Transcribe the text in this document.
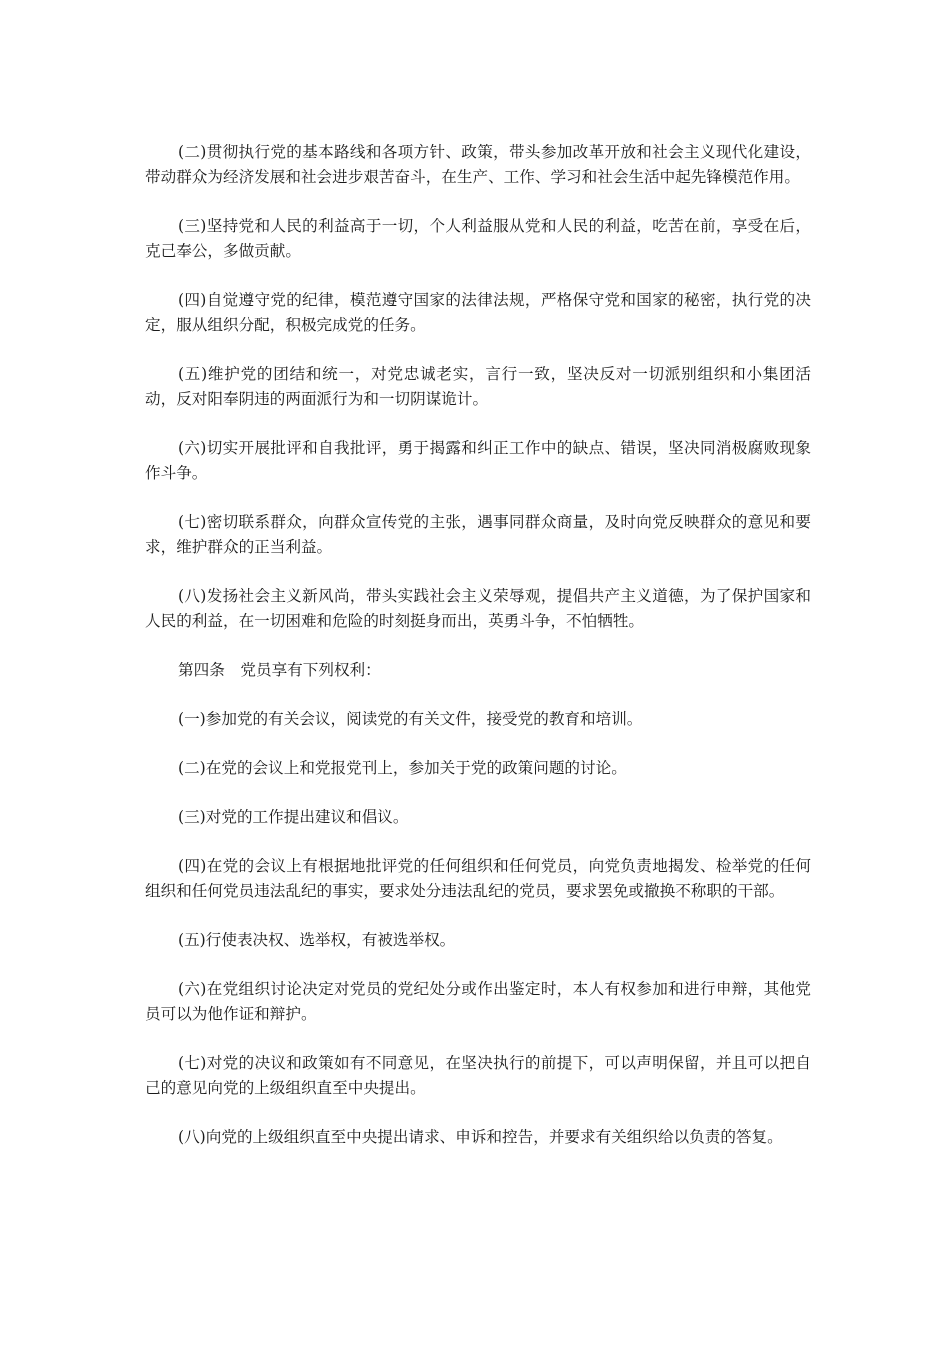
(二)贯彻执行党的基本路线和各项方针、政策，带头参加改革开放和社会主义现代化建设，带动群众为经济发展和社会进步艰苦奋斗，在生产、工作、学习和社会生活中起先锋模范作用。

(三)坚持党和人民的利益高于一切，个人利益服从党和人民的利益，吃苦在前，享受在后，克己奉公，多做贡献。

(四)自觉遵守党的纪律，模范遵守国家的法律法规，严格保守党和国家的秘密，执行党的决定，服从组织分配，积极完成党的任务。

(五)维护党的团结和统一，对党忠诚老实，言行一致，坚决反对一切派别组织和小集团活动，反对阳奉阴违的两面派行为和一切阴谋诡计。

(六)切实开展批评和自我批评，勇于揭露和纠正工作中的缺点、错误，坚决同消极腐败现象作斗争。

(七)密切联系群众，向群众宣传党的主张，遇事同群众商量，及时向党反映群众的意见和要求，维护群众的正当利益。

(八)发扬社会主义新风尚，带头实践社会主义荣辱观，提倡共产主义道德，为了保护国家和人民的利益，在一切困难和危险的时刻挺身而出，英勇斗争，不怕牺牲。

第四条　党员享有下列权利：

(一)参加党的有关会议，阅读党的有关文件，接受党的教育和培训。

(二)在党的会议上和党报党刊上，参加关于党的政策问题的讨论。

(三)对党的工作提出建议和倡议。

(四)在党的会议上有根据地批评党的任何组织和任何党员，向党负责地揭发、检举党的任何组织和任何党员违法乱纪的事实，要求处分违法乱纪的党员，要求罢免或撤换不称职的干部。

(五)行使表决权、选举权，有被选举权。

(六)在党组织讨论决定对党员的党纪处分或作出鉴定时，本人有权参加和进行申辩，其他党员可以为他作证和辩护。

(七)对党的决议和政策如有不同意见，在坚决执行的前提下，可以声明保留，并且可以把自己的意见向党的上级组织直至中央提出。

(八)向党的上级组织直至中央提出请求、申诉和控告，并要求有关组织给以负责的答复。
